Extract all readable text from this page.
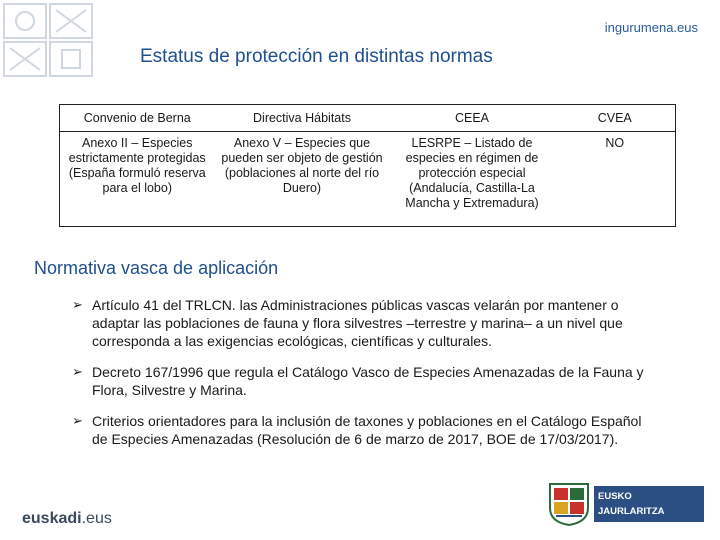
ingurumena.eus
Estatus de protección en distintas normas
Convenio de Berna	Directiva Hábitats	CEEA	CVEA
Anexo II – Especies estrictamente protegidas (España formuló reserva para el lobo)	Anexo V – Especies que pueden ser objeto de gestión (poblaciones al norte del río Duero)	LESRPE – Listado de especies en régimen de protección especial (Andalucía, Castilla-La Mancha y Extremadura)	NO
Normativa vasca de aplicación
➢ Artículo 41 del TRLCN. las Administraciones públicas vascas velarán por mantener o adaptar las poblaciones de fauna y flora silvestres –terrestre y marina– a un nivel que corresponda a las exigencias ecológicas, científicas y culturales.
➢ Decreto 167/1996 que regula el Catálogo Vasco de Especies Amenazadas de la Fauna y Flora, Silvestre y Marina.
➢ Criterios orientadores para la inclusión de taxones y poblaciones en el Catálogo Español de Especies Amenazadas (Resolución de 6 de marzo de 2017, BOE de 17/03/2017).
euskadi.eus
EUSKO JAURLARITZA
GOBIERNO VASCO
